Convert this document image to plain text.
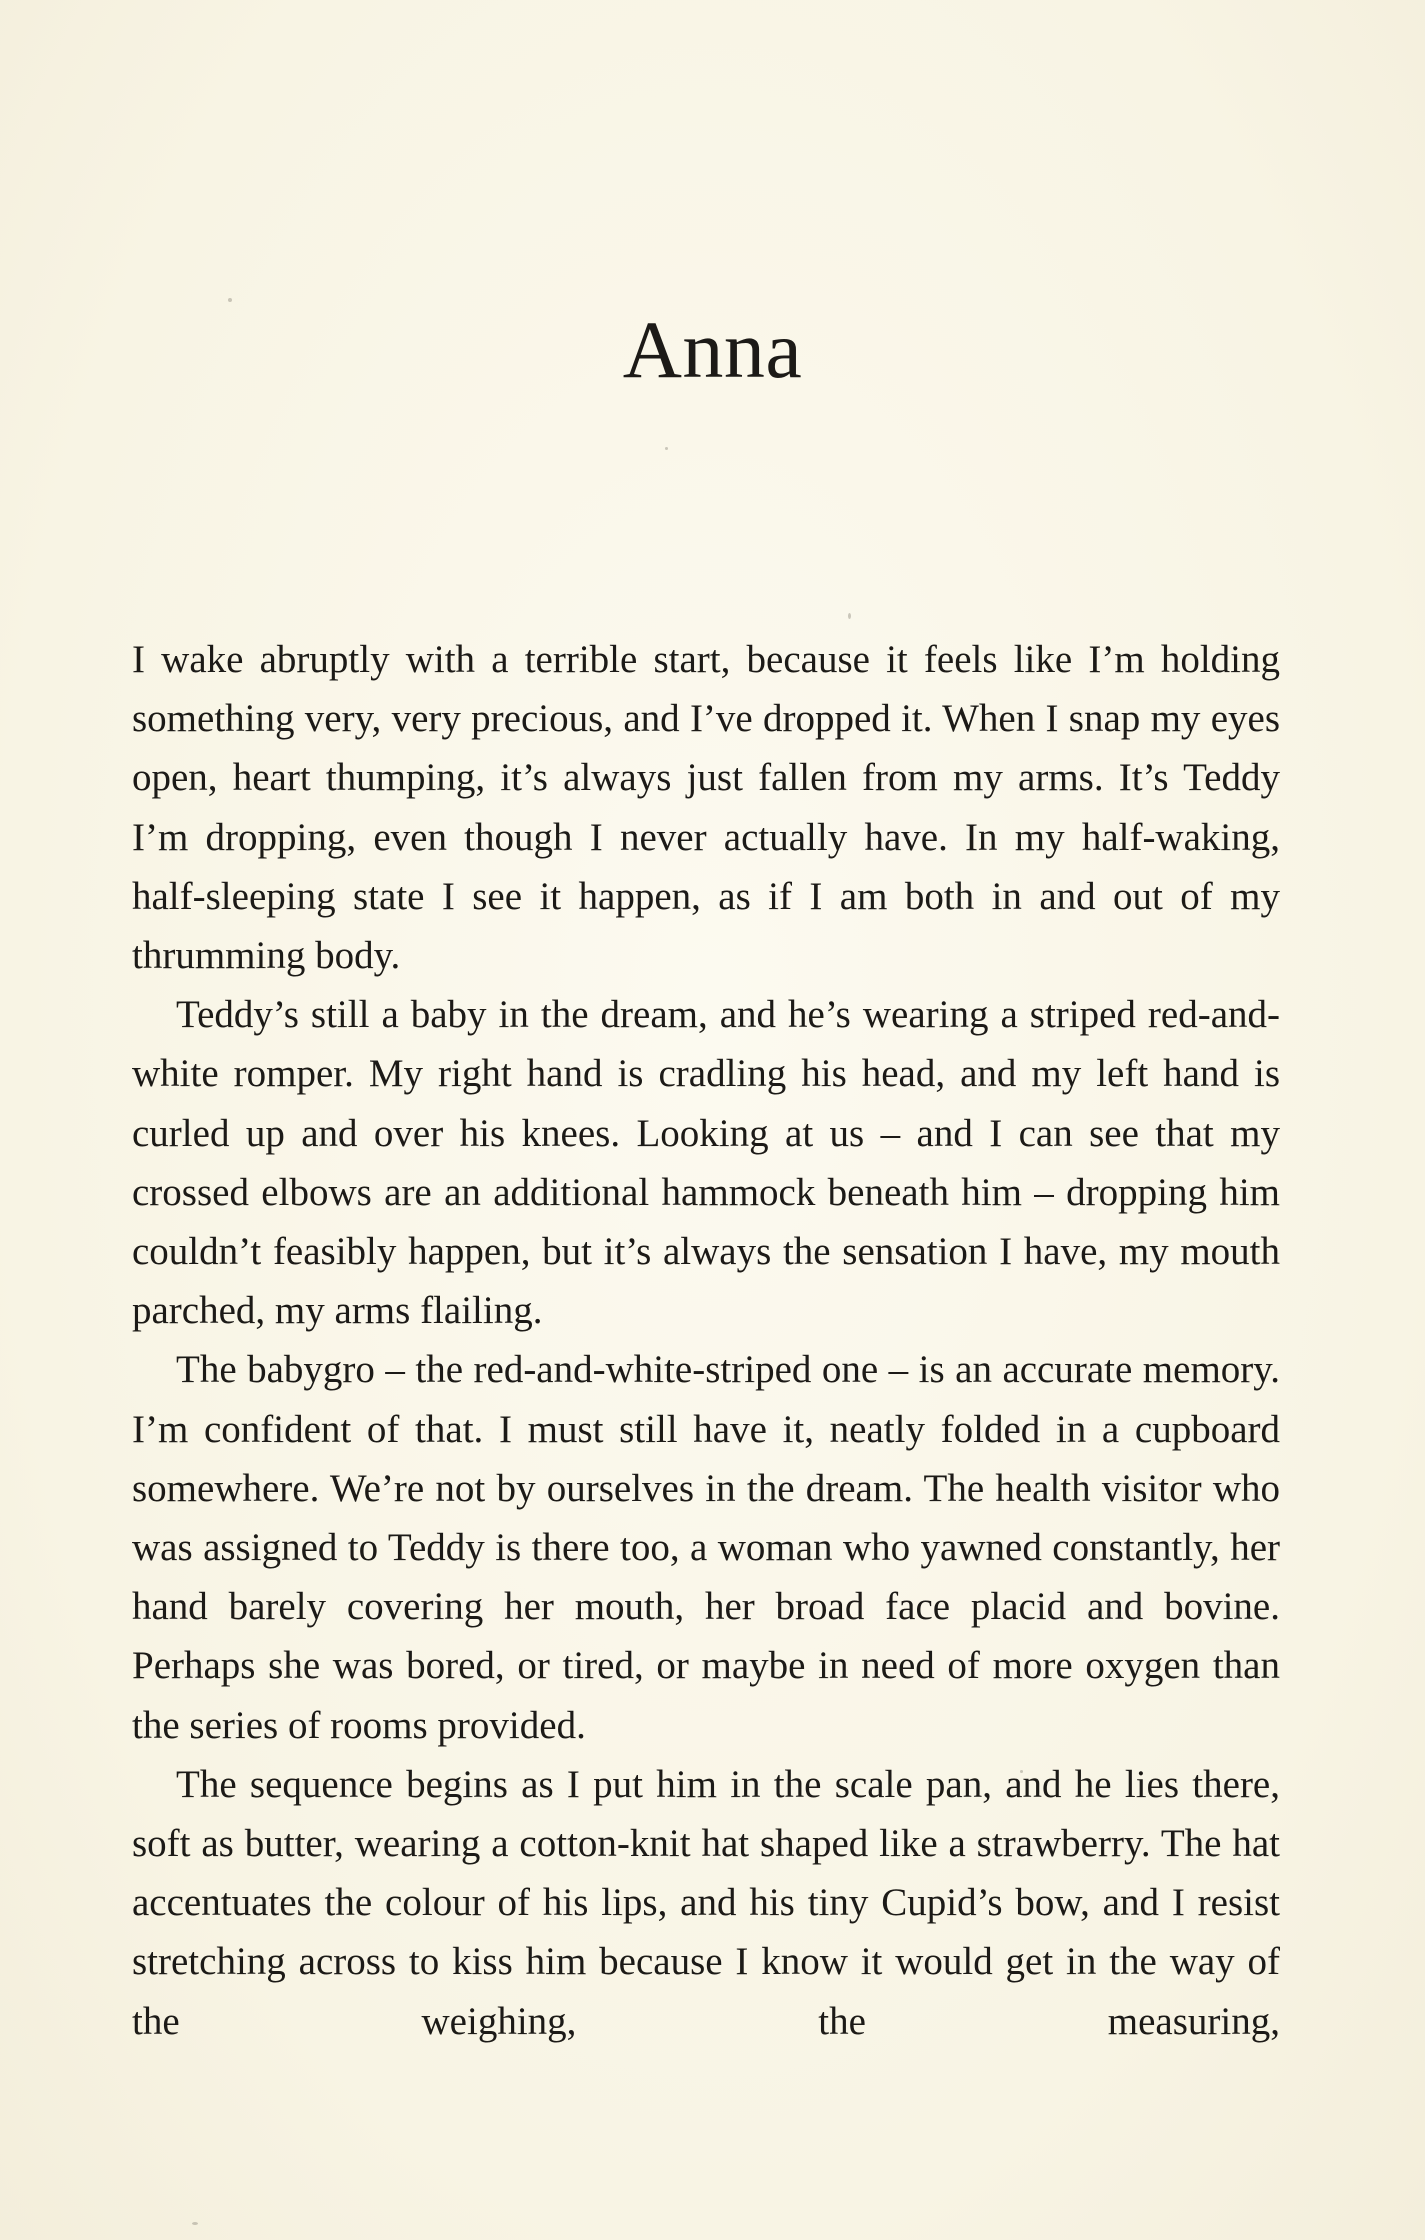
Anna

I wake abruptly with a terrible start, because it feels like I’m holding something very, very precious, and I’ve dropped it. When I snap my eyes open, heart thumping, it’s always just fallen from my arms. It’s Teddy I’m dropping, even though I never actually have. In my half-waking, half-sleeping state I see it happen, as if I am both in and out of my thrumming body.

Teddy’s still a baby in the dream, and he’s wearing a striped red-and-white romper. My right hand is cradling his head, and my left hand is curled up and over his knees. Looking at us – and I can see that my crossed elbows are an additional hammock beneath him – dropping him couldn’t feasibly happen, but it’s always the sensation I have, my mouth parched, my arms flailing.

The babygro – the red-and-white-striped one – is an accurate memory. I’m confident of that. I must still have it, neatly folded in a cupboard somewhere. We’re not by ourselves in the dream. The health visitor who was assigned to Teddy is there too, a woman who yawned constantly, her hand barely covering her mouth, her broad face placid and bovine. Perhaps she was bored, or tired, or maybe in need of more oxygen than the series of rooms provided.

The sequence begins as I put him in the scale pan, and he lies there, soft as butter, wearing a cotton-knit hat shaped like a strawberry. The hat accentuates the colour of his lips, and his tiny Cupid’s bow, and I resist stretching across to kiss him because I know it would get in the way of the weighing, the measuring,
